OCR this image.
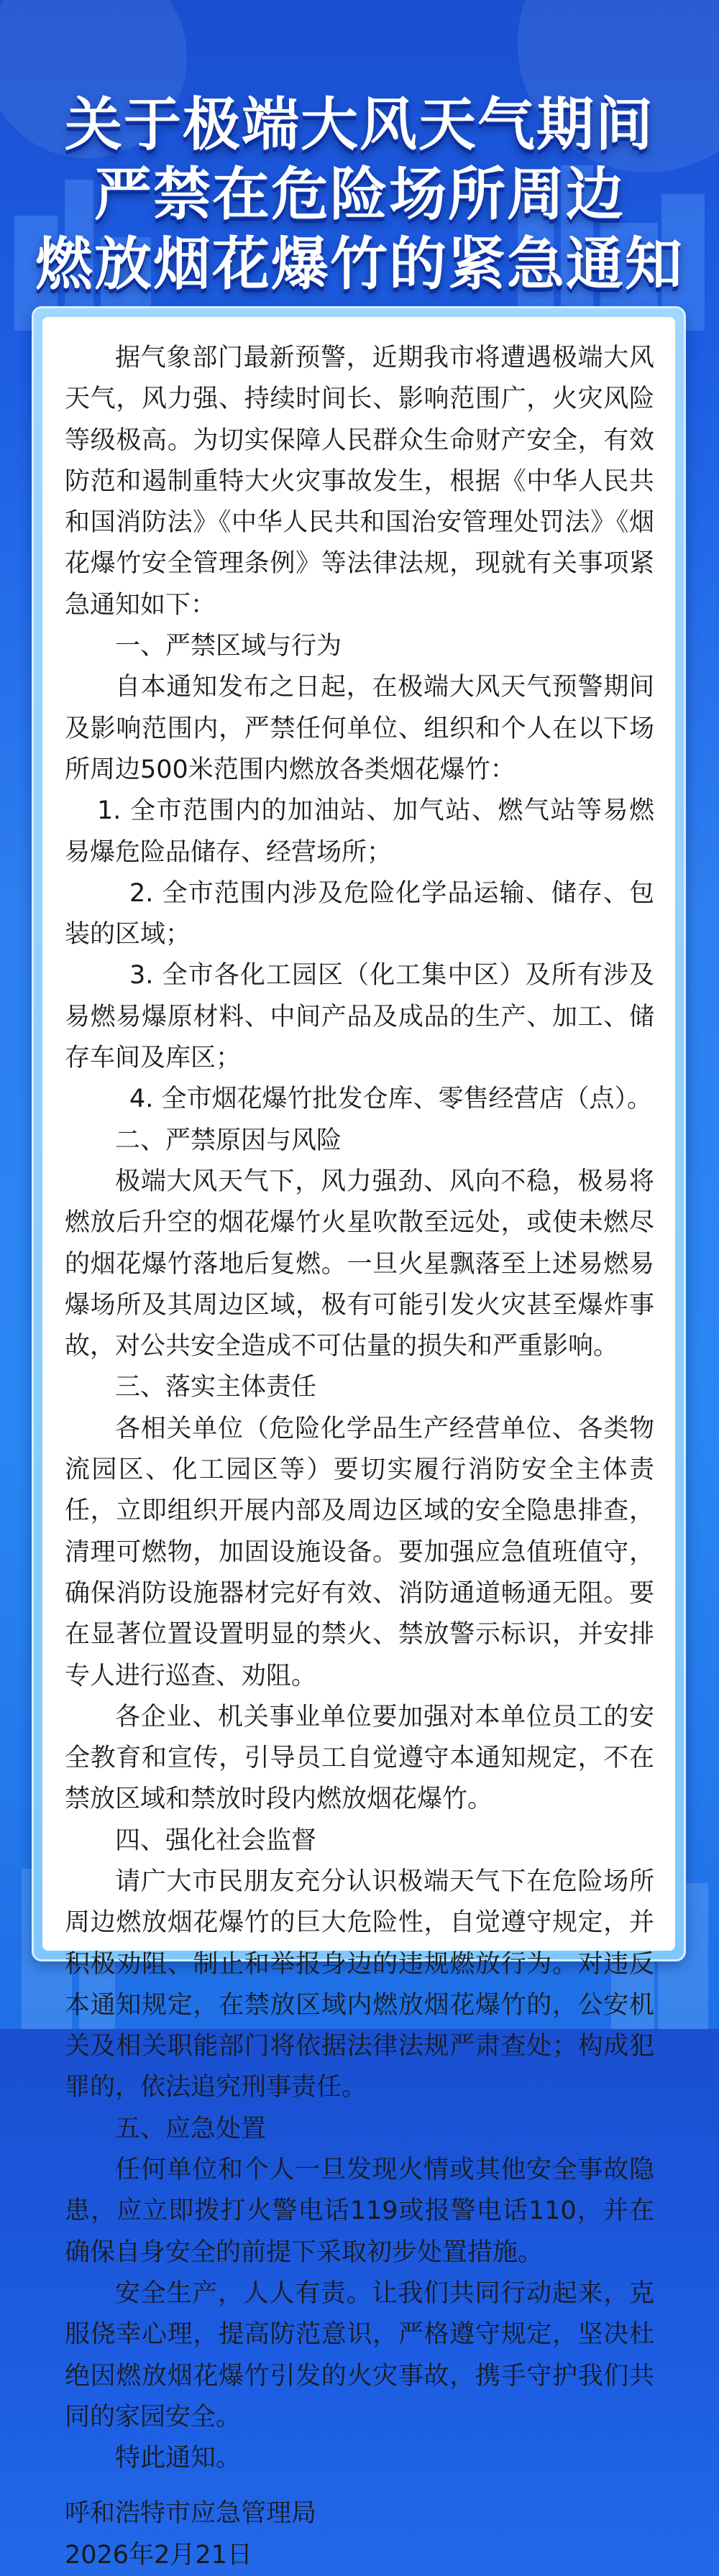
关于极端大风天气期间
严禁在危险场所周边
燃放烟花爆竹的紧急通知

据气象部门最新预警，近期我市将遭遇极端大风天气，风力强、持续时间长、影响范围广，火灾风险等级极高。为切实保障人民群众生命财产安全，有效防范和遏制重特大火灾事故发生，根据《中华人民共和国消防法》《中华人民共和国治安管理处罚法》《烟花爆竹安全管理条例》等法律法规，现就有关事项紧急通知如下：

一、严禁区域与行为

自本通知发布之日起，在极端大风天气预警期间及影响范围内，严禁任何单位、组织和个人在以下场所周边500米范围内燃放各类烟花爆竹：

1. 全市范围内的加油站、加气站、燃气站等易燃易爆危险品储存、经营场所；

2. 全市范围内涉及危险化学品运输、储存、包装的区域；

3. 全市各化工园区（化工集中区）及所有涉及易燃易爆原材料、中间产品及成品的生产、加工、储存车间及库区；

4. 全市烟花爆竹批发仓库、零售经营店（点）。

二、严禁原因与风险

极端大风天气下，风力强劲、风向不稳，极易将燃放后升空的烟花爆竹火星吹散至远处，或使未燃尽的烟花爆竹落地后复燃。一旦火星飘落至上述易燃易爆场所及其周边区域，极有可能引发火灾甚至爆炸事故，对公共安全造成不可估量的损失和严重影响。

三、落实主体责任

各相关单位（危险化学品生产经营单位、各类物流园区、化工园区等）要切实履行消防安全主体责任，立即组织开展内部及周边区域的安全隐患排查，清理可燃物，加固设施设备。要加强应急值班值守，确保消防设施器材完好有效、消防通道畅通无阻。要在显著位置设置明显的禁火、禁放警示标识，并安排专人进行巡查、劝阻。

各企业、机关事业单位要加强对本单位员工的安全教育和宣传，引导员工自觉遵守本通知规定，不在禁放区域和禁放时段内燃放烟花爆竹。

四、强化社会监督

请广大市民朋友充分认识极端天气下在危险场所周边燃放烟花爆竹的巨大危险性，自觉遵守规定，并积极劝阻、制止和举报身边的违规燃放行为。对违反本通知规定，在禁放区域内燃放烟花爆竹的，公安机关及相关职能部门将依据法律法规严肃查处；构成犯罪的，依法追究刑事责任。

五、应急处置

任何单位和个人一旦发现火情或其他安全事故隐患，应立即拨打火警电话119或报警电话110，并在确保自身安全的前提下采取初步处置措施。

安全生产，人人有责。让我们共同行动起来，克服侥幸心理，提高防范意识，严格遵守规定，坚决杜绝因燃放烟花爆竹引发的火灾事故，携手守护我们共同的家园安全。

特此通知。

呼和浩特市应急管理局

2026年2月21日
